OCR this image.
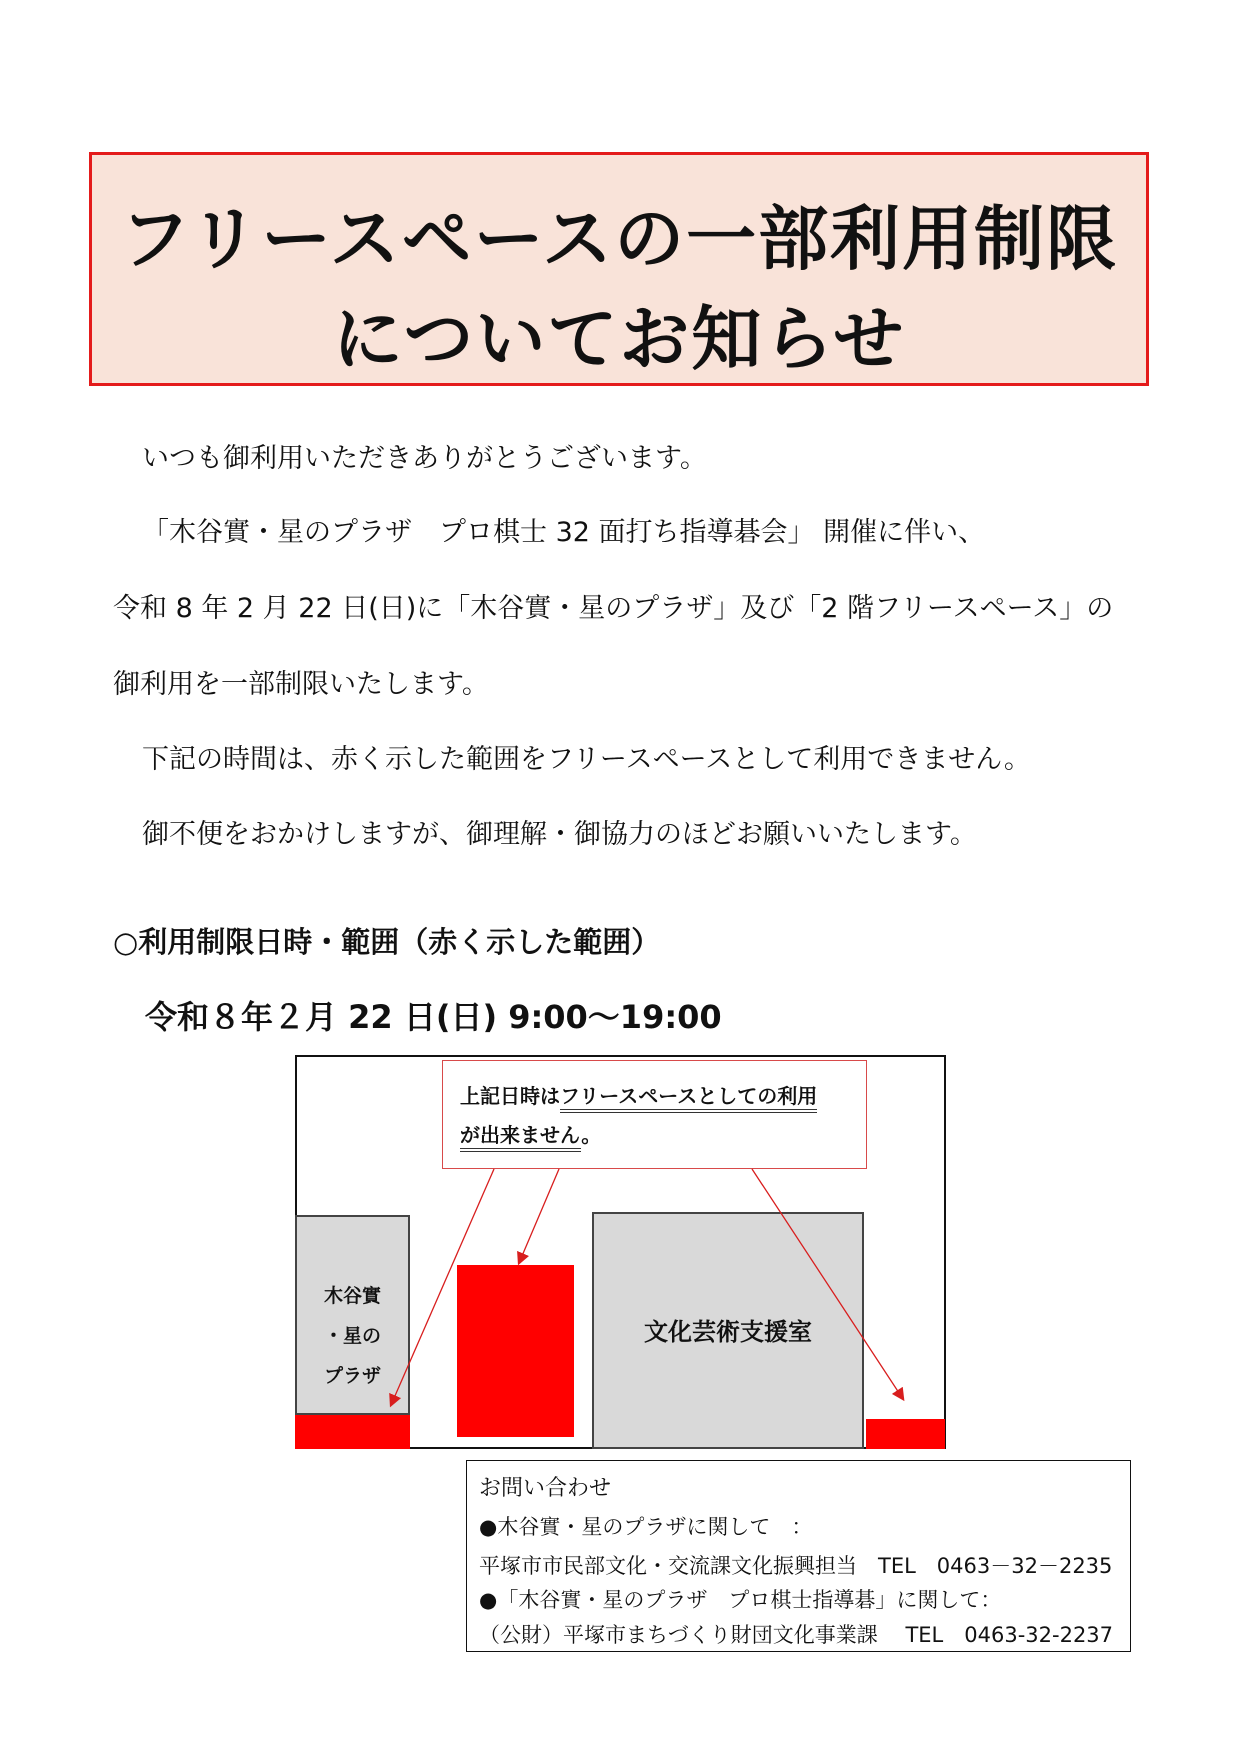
フリースペースの一部利用制限
についてお知らせ
いつも御利用いただきありがとうございます。
「木谷實・星のプラザ　プロ棋士 32 面打ち指導碁会」 開催に伴い、
令和 8 年 2 月 22 日(日)に「木谷實・星のプラザ」及び「2 階フリースペース」の
御利用を一部制限いたします。
下記の時間は、赤く示した範囲をフリースペースとして利用できません。
御不便をおかけしますが、御理解・御協力のほどお願いいたします。
○利用制限日時・範囲（赤く示した範囲）
令和８年２月 22 日(日) 9:00～19:00
木谷實
・星の
プラザ
文化芸術支援室
上記日時はフリースペースとしての利用
が出来ません。
お問い合わせ
●木谷實・星のプラザに関して　：
平塚市市民部文化・交流課文化振興担当　TEL　0463－32－2235
●「木谷實・星のプラザ　プロ棋士指導碁」に関して：
（公財）平塚市まちづくり財団文化事業課　 TEL　0463-32-2237
